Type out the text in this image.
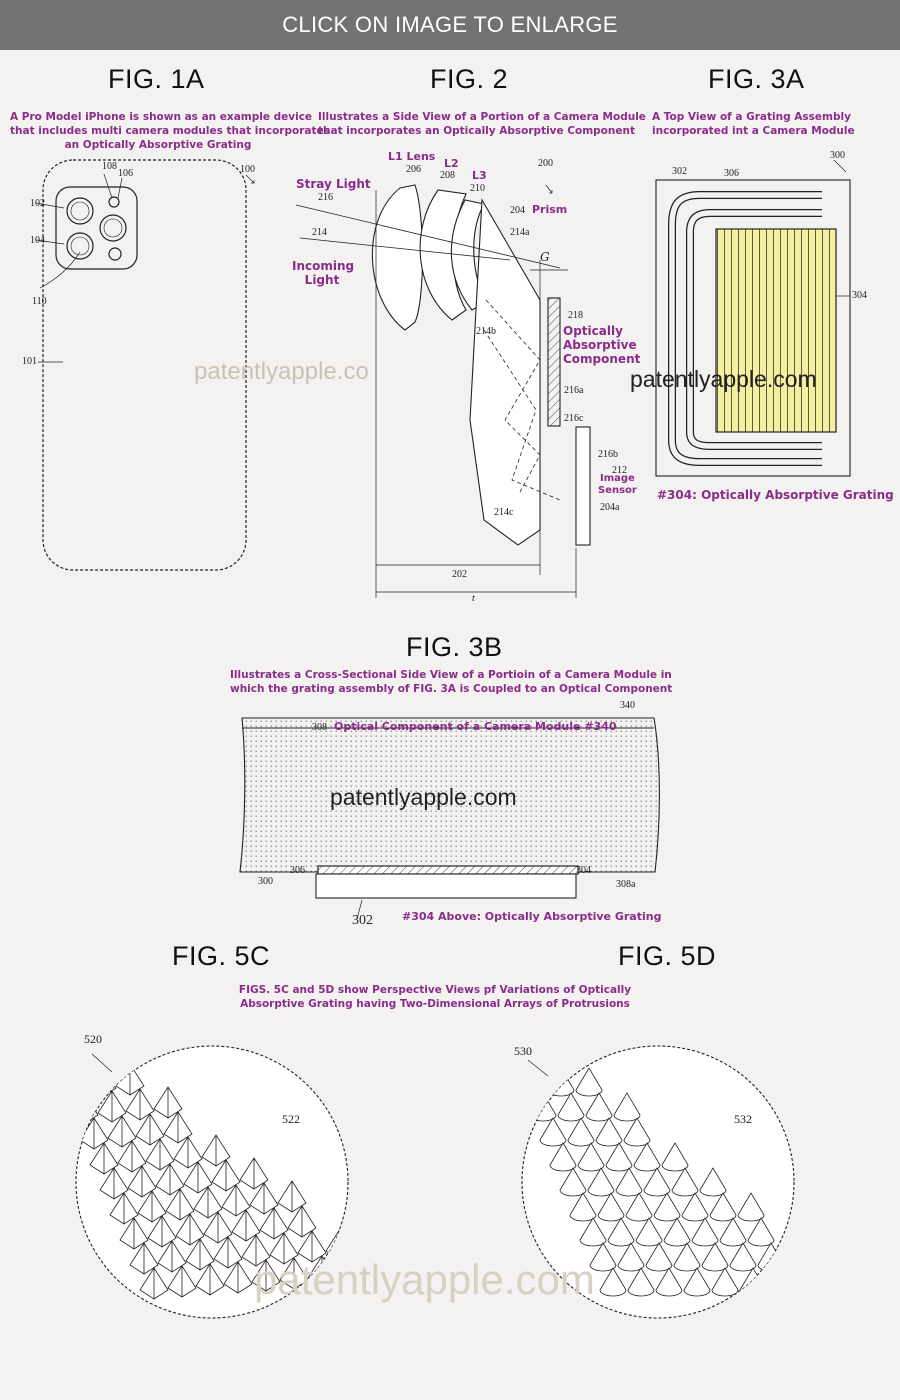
CLICK ON IMAGE TO ENLARGE
FIG. 1A	FIG. 2	FIG. 3A
FIG. 3B
FIG. 5C	FIG. 5D
A Pro Model iPhone is shown as an example device
that includes multi camera modules that incorporates
an Optically Absorptive Grating
Illustrates a Side View of a Portion of a Camera Module
that incorporates an Optically Absorptive Component
A Top View of a Grating Assembly
incorporated int a Camera Module
Illustrates a Cross-Sectional Side View of a Portioin of a Camera Module in
which the grating assembly of FIG. 3A is Coupled to an Optical Component
FIGS. 5C and 5D show Perspective Views pf Variations of Optically
Absorptive Grating having Two-Dimensional Arrays of Protrusions
108
106
102
104
110
100
101
L1 Lens
L2
L3
206
208
210
200
Stray Light
216
214
Incoming
Light
204 Prism
214a
G
218
Optically
Absorptive
Component
214b
216a
216c
216b
212
Image
Sensor
214c	204a
202
t
300
302	306
304
#304: Optically Absorptive Grating
340
308 Optical Component of a Camera Module #340
306	304
300	308a
302	#304 Above: Optically Absorptive Grating
520
522
530
532
patentlyapple.co	patentlyapple.com
patentlyapple.com
patentlyapple.com
